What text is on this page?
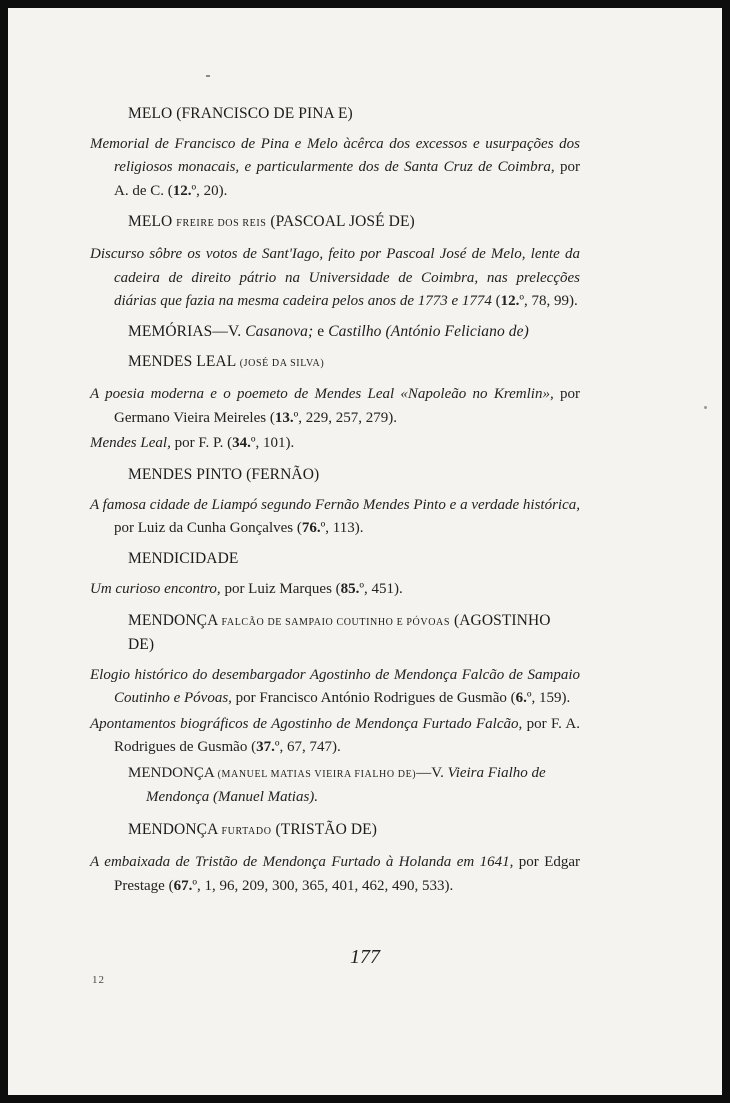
MELO (FRANCISCO DE PINA E)

Memorial de Francisco de Pina e Melo àcêrca dos excessos e usurpações dos religiosos monacais, e particularmente dos de Santa Cruz de Coimbra, por A. de C. (12.º, 20).

MELO FREIRE DOS REIS (PASCOAL JOSÉ DE)

Discurso sôbre os votos de Sant'Iago, feito por Pascoal José de Melo, lente da cadeira de direito pátrio na Universidade de Coimbra, nas prelecções diárias que fazia na mesma cadeira pelos anos de 1773 e 1774 (12.º, 78, 99).

MEMÓRIAS—V. Casanova; e Castilho (António Feliciano de)

MENDES LEAL (JOSÉ DA SILVA)

A poesia moderna e o poemeto de Mendes Leal «Napoleão no Kremlin», por Germano Vieira Meireles (13.º, 229, 257, 279).

Mendes Leal, por F. P. (34.º, 101).

MENDES PINTO (FERNÃO)

A famosa cidade de Liampó segundo Fernão Mendes Pinto e a verdade histórica, por Luiz da Cunha Gonçalves (76.º, 113).

MENDICIDADE

Um curioso encontro, por Luiz Marques (85.º, 451).

MENDONÇA FALCÃO DE SAMPAIO COUTINHO E PÓVOAS (AGOSTINHO DE)

Elogio histórico do desembargador Agostinho de Mendonça Falcão de Sampaio Coutinho e Póvoas, por Francisco António Rodrigues de Gusmão (6.º, 159).

Apontamentos biográficos de Agostinho de Mendonça Furtado Falcão, por F. A. Rodrigues de Gusmão (37.º, 67, 747).

MENDONÇA (MANUEL MATIAS VIEIRA FIALHO DE)—V. Vieira Fialho de Mendonça (Manuel Matias).

MENDONÇA FURTADO (TRISTÃO DE)

A embaixada de Tristão de Mendonça Furtado à Holanda em 1641, por Edgar Prestage (67.º, 1, 96, 209, 300, 365, 401, 462, 490, 533).

177
12
